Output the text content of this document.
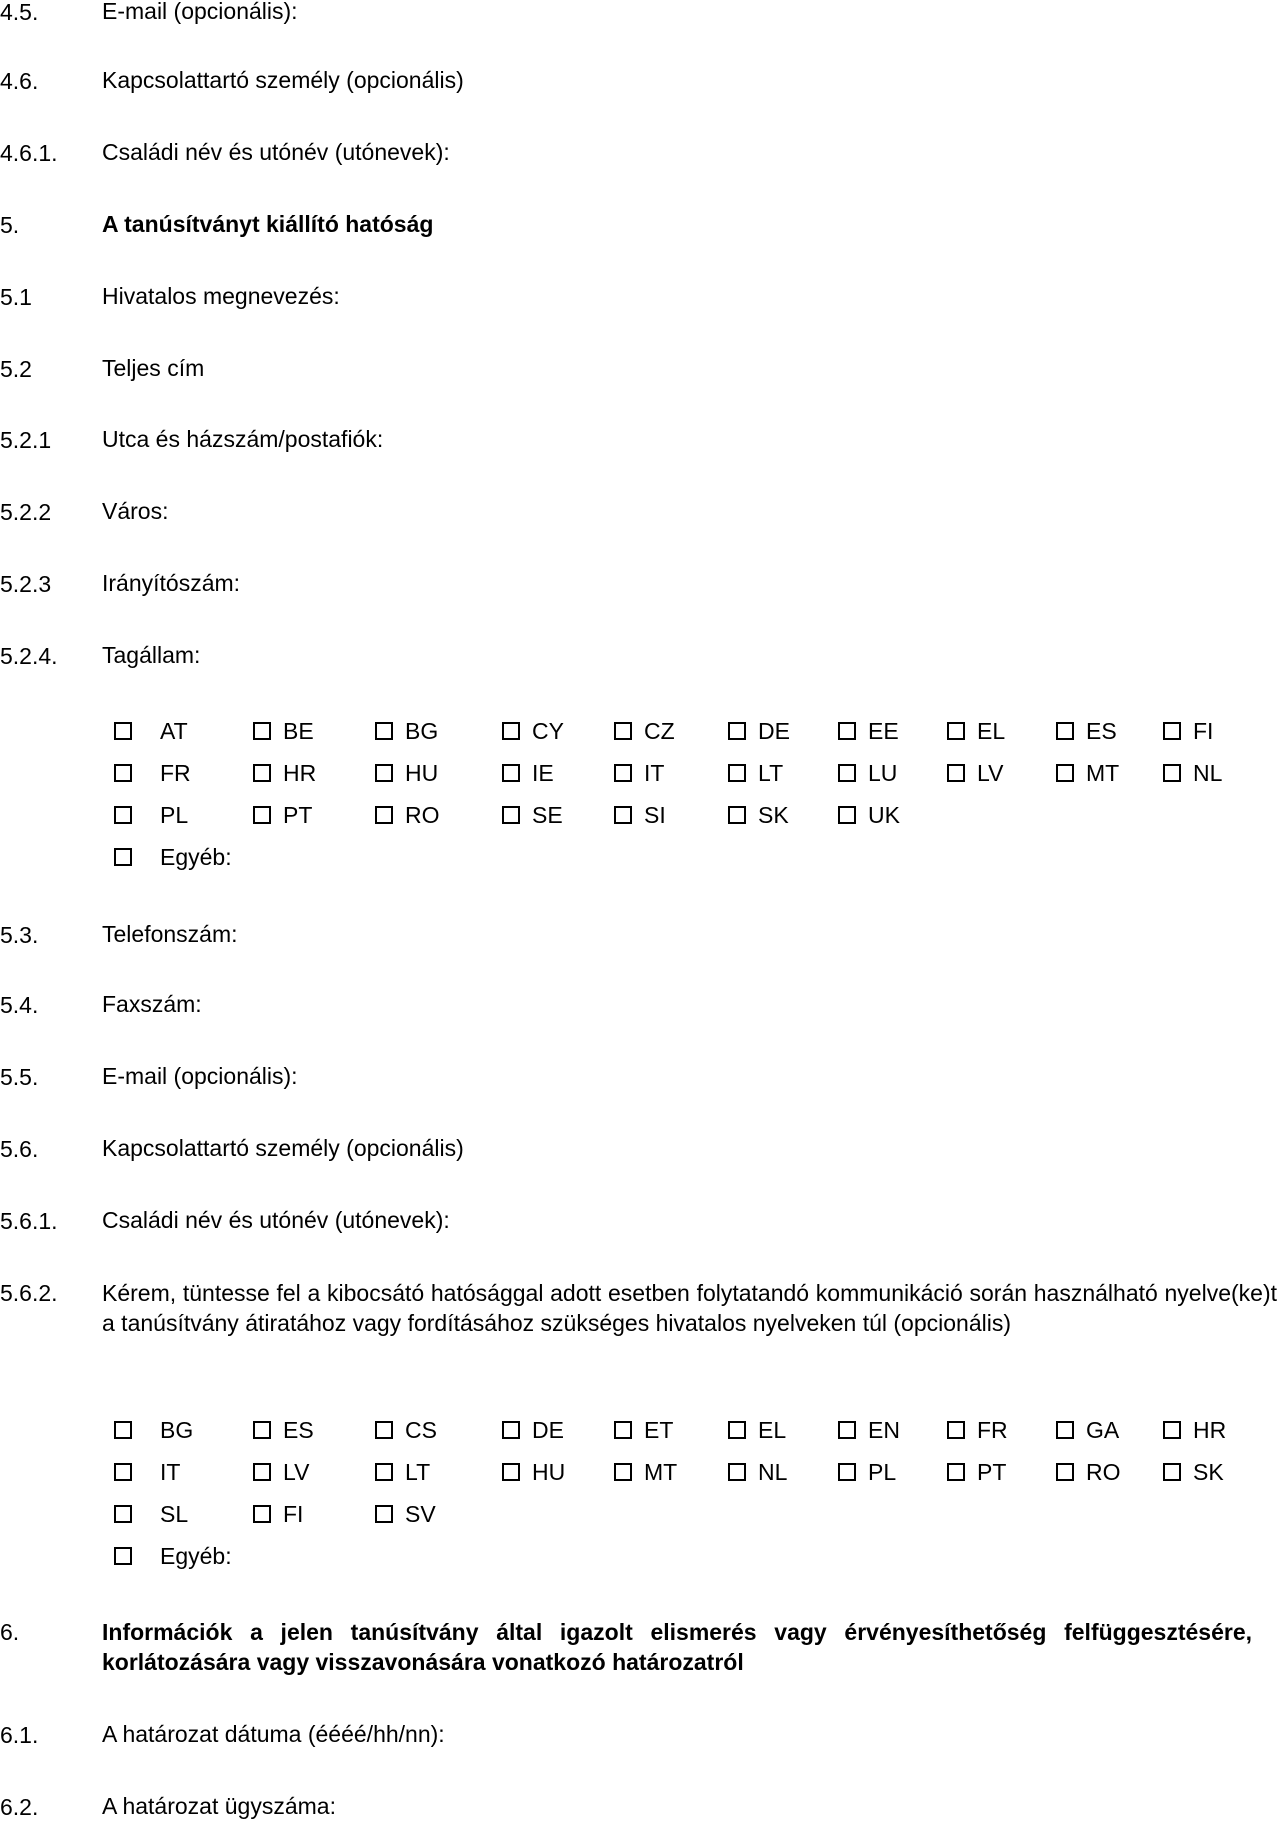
4.5.	E-mail (opcionális):
4.6.	Kapcsolattartó személy (opcionális)
4.6.1. Családi név és utónév (utónevek):
5.	A tanúsítványt kiállító hatóság
5.1	Hivatalos megnevezés:
5.2	Teljes cím
5.2.1 Utca és házszám/postafiók:
5.2.2 Város:
5.2.3 Irányítószám:
5.2.4. Tagállam:
5.3.	Telefonszám:
5.4.	Faxszám:
5.5.	E-mail (opcionális):
5.6.	Kapcsolattartó személy (opcionális)
5.6.1. Családi név és utónév (utónevek):
5.6.2. Kérem, tüntesse fel a kibocsátó hatósággal adott esetben folytatandó kommunikáció során használható nyelve(ke)t a tanúsítvány átiratához vagy fordításához szükséges hivatalos nyelveken túl (opcionális)
6.	Információk a jelen tanúsítvány által igazolt elismerés vagy érvényesíthetőség felfüggesztésére, korlátozására vagy visszavonására vonatkozó határozatról
6.1.	A határozat dátuma (éééé/hh/nn):
6.2.	A határozat ügyszáma:
AT	BE	BG	CY	CZ	DE	EE	EL	ES	FI
FR	HR	HU	IE	IT	LT	LU	LV	MT	NL
PL	PT	RO	SE	SI	SK	UK
Egyéb:
BG	ES	CS	DE	ET	EL	EN	FR	GA	HR
IT	LV	LT	HU	MT	NL	PL	PT	RO	SK
SL	FI	SV
Egyéb:
